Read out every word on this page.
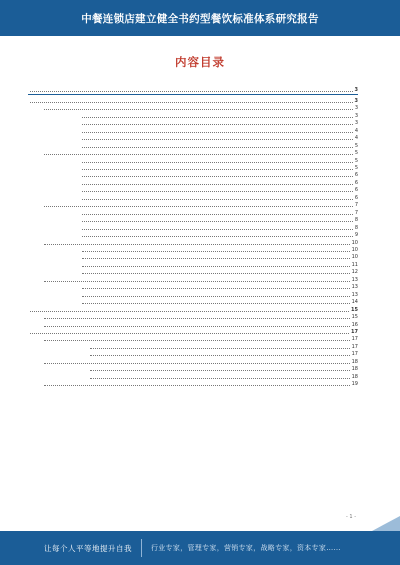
中餐连锁店建立健全书约型餐饮标准体系研究报告
内容目录
3
3
3
3
3
4
4
5
5
5
5
6
6
6
6
7
7
8
8
9
10
10
10
11
12
13
13
13
14
15
15
16
17
17
17
17
18
18
18
19
- 1 -
让每个人平等地提升自我	行业专家，管理专家，营销专家，战略专家，资本专家……
